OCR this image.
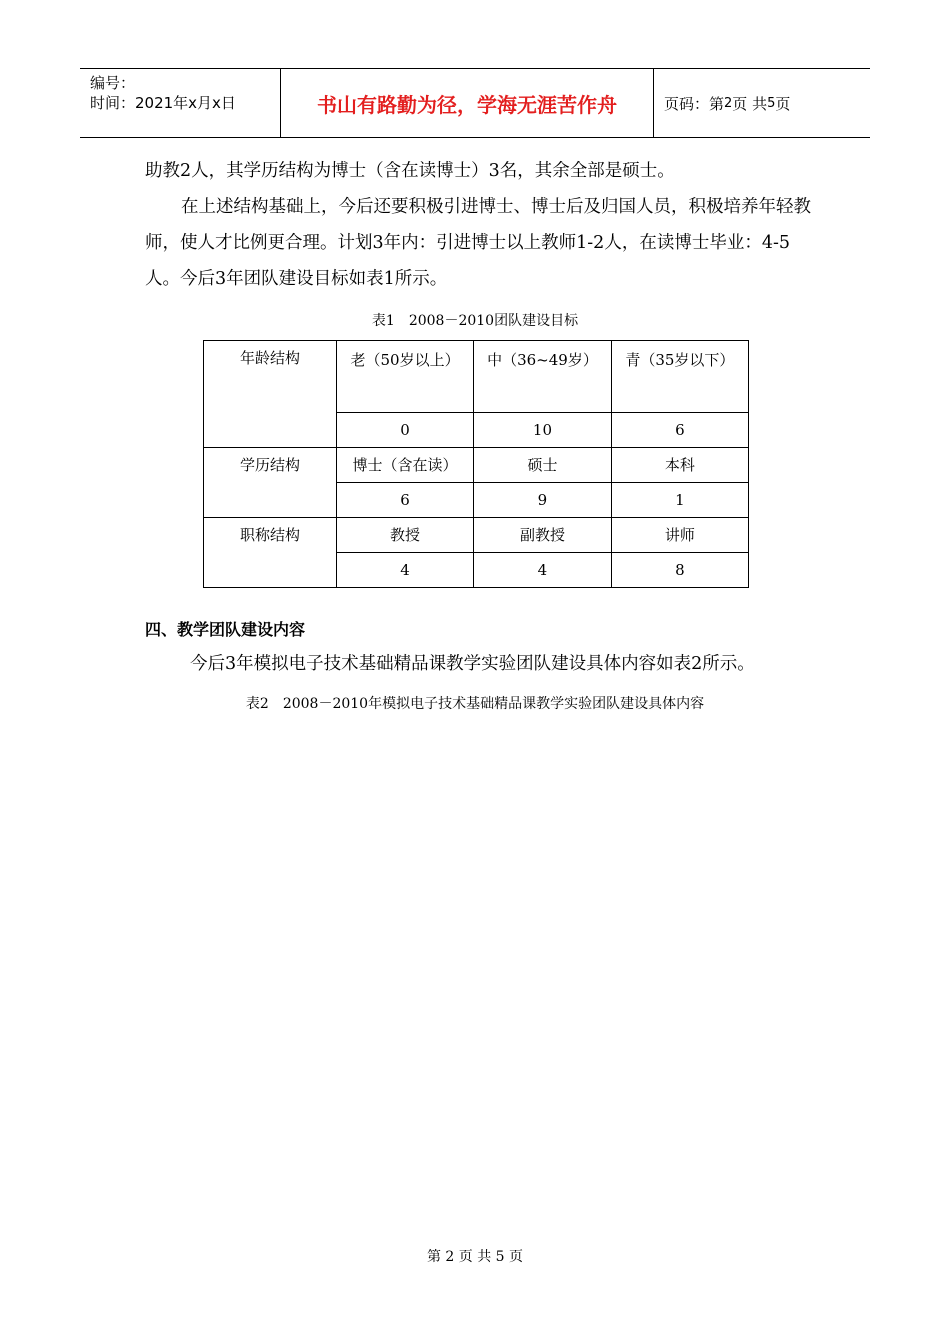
编号：
时间：2021年x月x日	书山有路勤为径，学海无涯苦作舟	页码：第 2 页 共 5 页

助教2人，其学历结构为博士（含在读博士）3名，其余全部是硕士。

在上述结构基础上，今后还要积极引进博士、博士后及归国人员，积极培养年轻教师，使人才比例更合理。计划3年内：引进博士以上教师1-2人，在读博士毕业：4-5人。今后3年团队建设目标如表1所示。

表1　2008－2010团队建设目标
年龄结构	老（50岁以上）	中（36~49岁）	青（35岁以下）

	0	10	6
学历结构	博士（含在读）	硕士	本科
	6	9	1
职称结构	教授	副教授	讲师
	4	4	8
四、教学团队建设内容

今后3年模拟电子技术基础精品课教学实验团队建设具体内容如表2所示。

表2　2008－2010年模拟电子技术基础精品课教学实验团队建设具体内容
第 2 页 共 5 页
